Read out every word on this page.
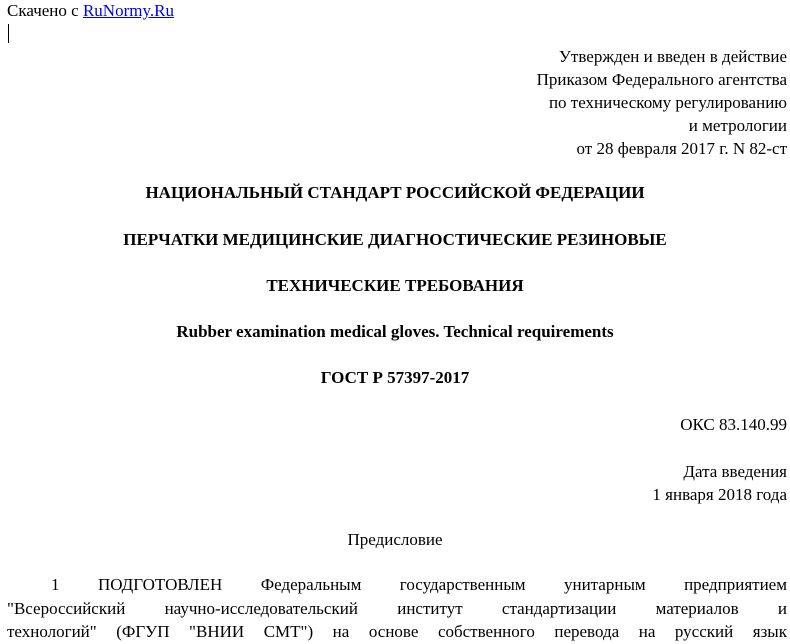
Скачено с RuNormy.Ru
Утвержден и введен в действие
Приказом Федерального агентства
по техническому регулированию
и метрологии
от 28 февраля 2017 г. N 82-ст
НАЦИОНАЛЬНЫЙ СТАНДАРТ РОССИЙСКОЙ ФЕДЕРАЦИИ
ПЕРЧАТКИ МЕДИЦИНСКИЕ ДИАГНОСТИЧЕСКИЕ РЕЗИНОВЫЕ
ТЕХНИЧЕСКИЕ ТРЕБОВАНИЯ
Rubber examination medical gloves. Technical requirements
ГОСТ Р 57397-2017
ОКС 83.140.99
Дата введения
1 января 2018 года
Предисловие
1 ПОДГОТОВЛЕН Федеральным государственным унитарным предприятием
"Всероссийский научно-исследовательский институт стандартизации материалов и
технологий" (ФГУП "ВНИИ СМТ") на основе собственного перевода на русский язык
